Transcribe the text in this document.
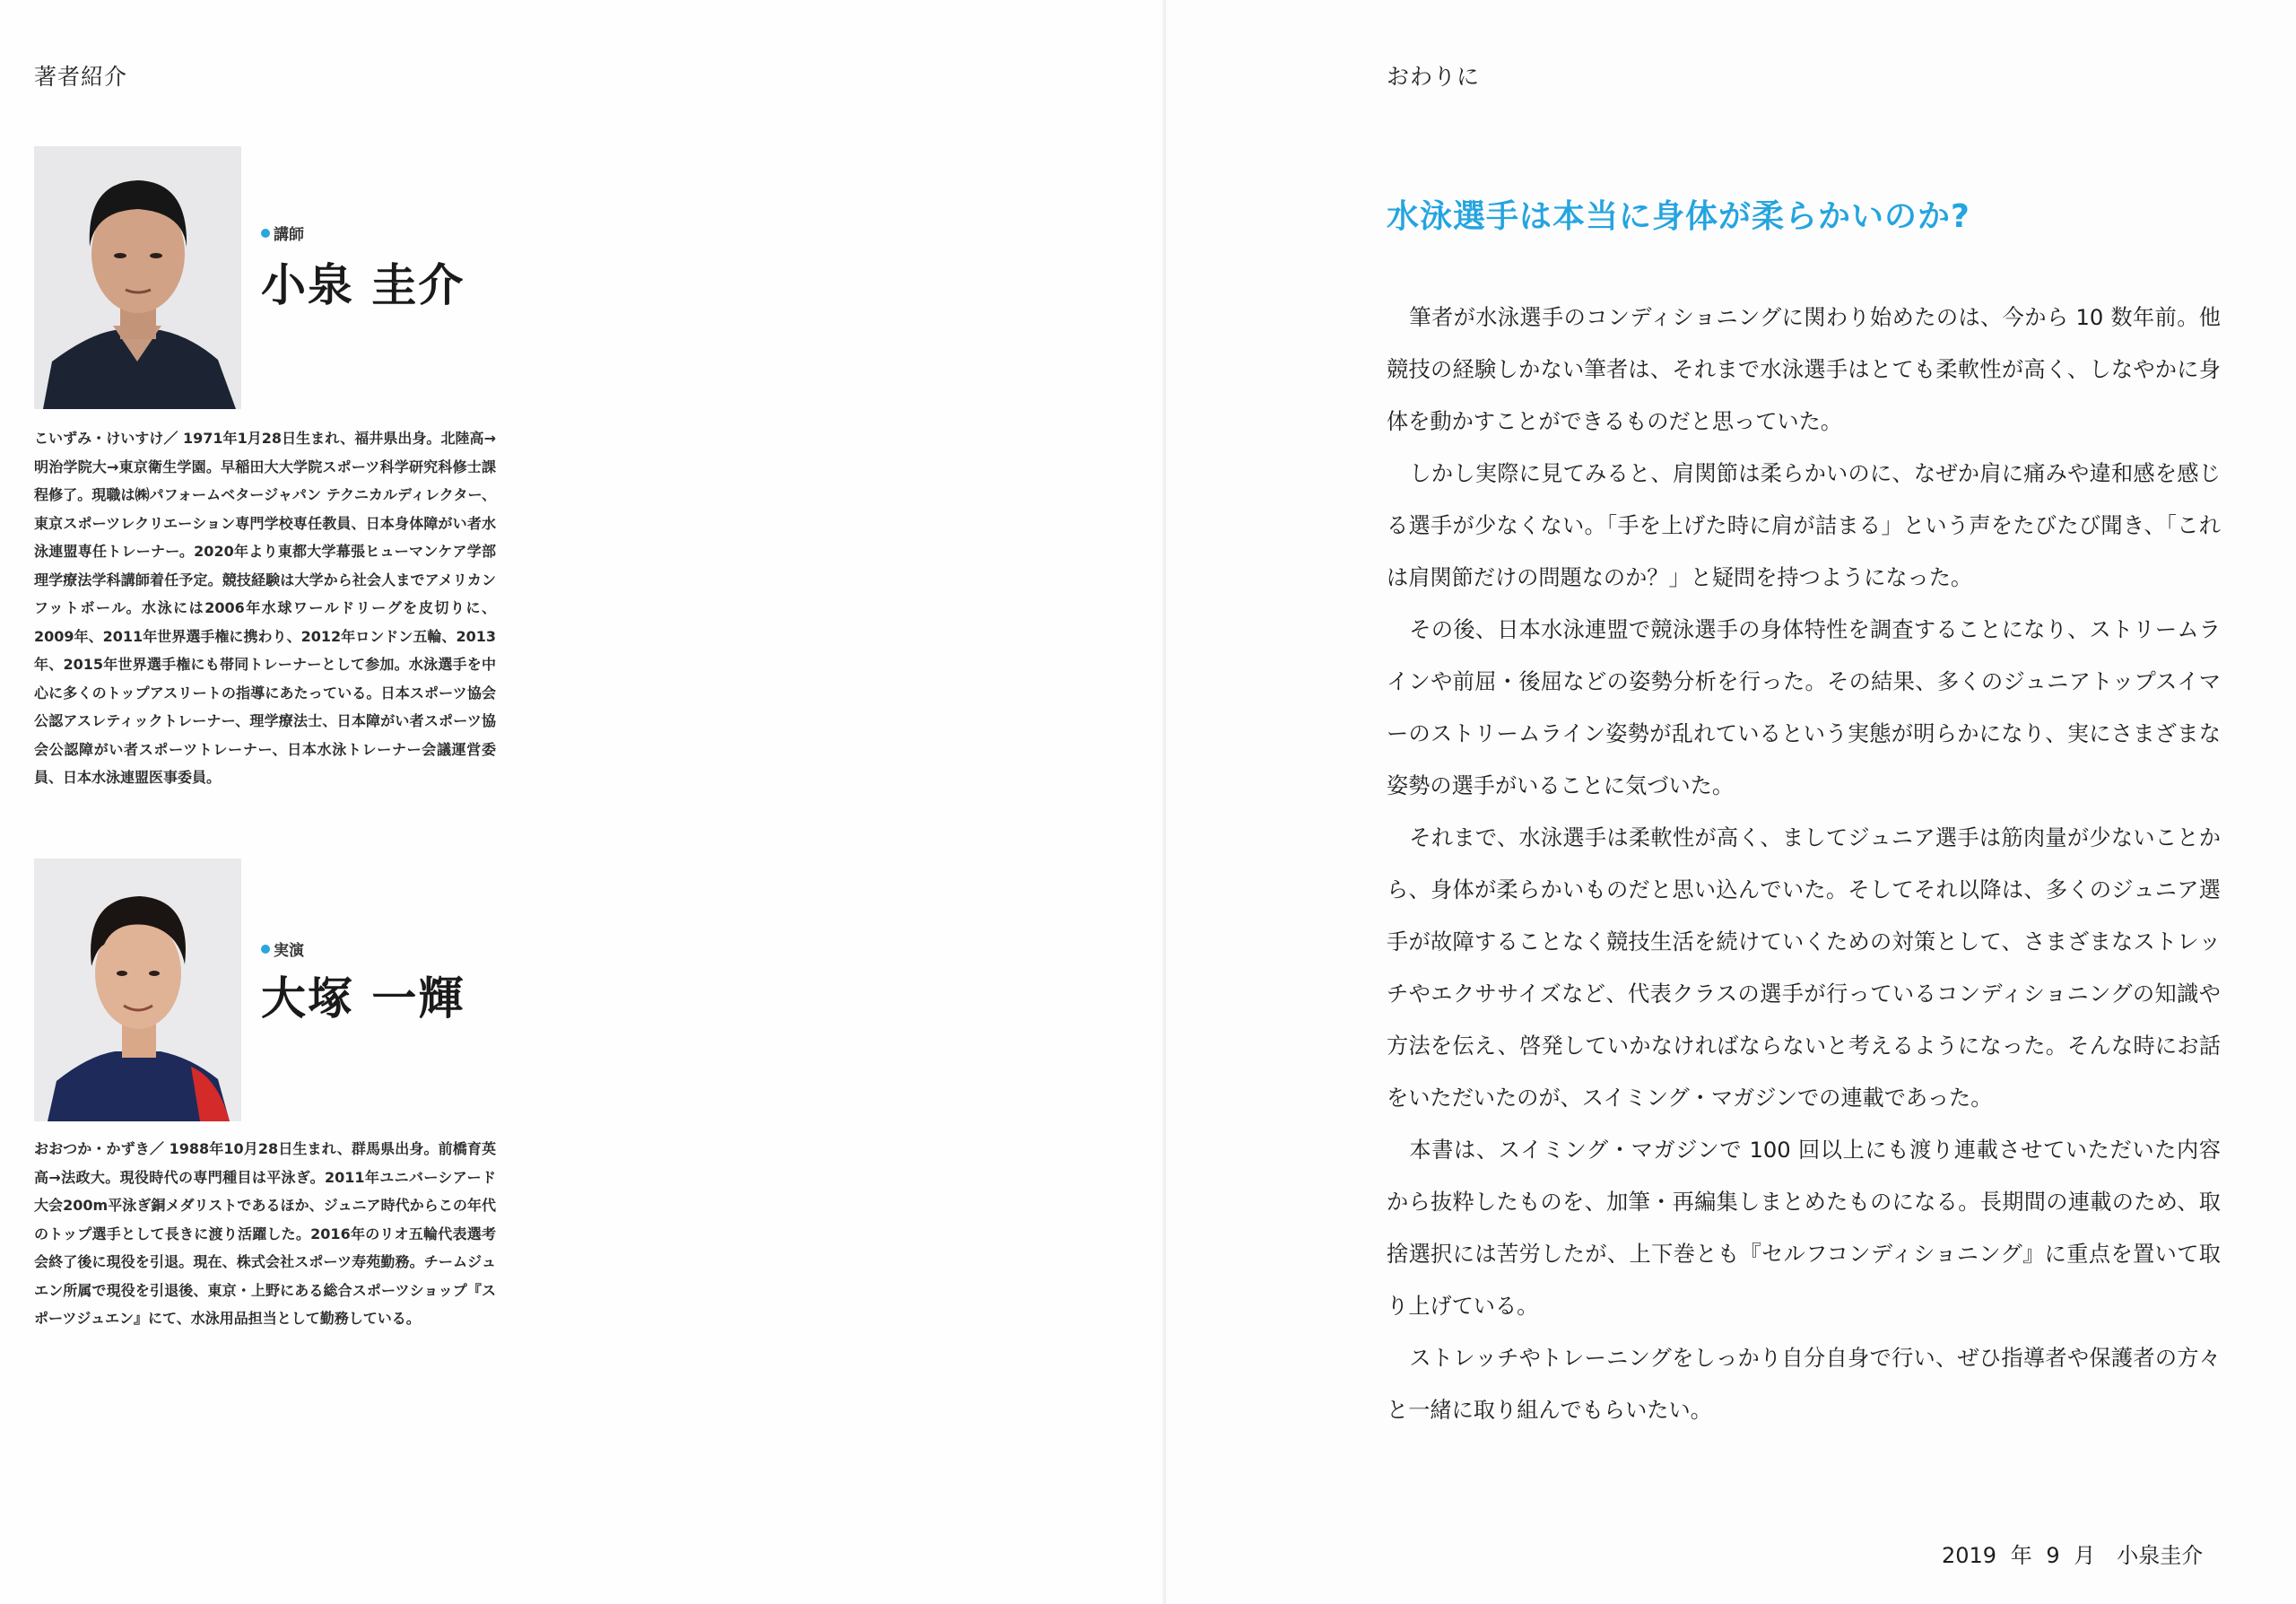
著者紹介
講師
小泉 圭介

こいずみ・けいすけ／ 1971年1月28日生まれ、福井県出身。北陸高→明治学院大→東京衛生学園。早稲田大大学院スポーツ科学研究科修士課程修了。現職は㈱パフォームベタージャパン テクニカルディレクター、東京スポーツレクリエーション専門学校専任教員、日本身体障がい者水泳連盟専任トレーナー。2020年より東都大学幕張ヒューマンケア学部理学療法学科講師着任予定。競技経験は大学から社会人までアメリカンフットボール。水泳には2006年水球ワールドリーグを皮切りに、2009年、2011年世界選手権に携わり、2012年ロンドン五輪、2013年、2015年世界選手権にも帯同トレーナーとして参加。水泳選手を中心に多くのトップアスリートの指導にあたっている。日本スポーツ協会公認アスレティックトレーナー、理学療法士、日本障がい者スポーツ協会公認障がい者スポーツトレーナー、日本水泳トレーナー会議運営委員、日本水泳連盟医事委員。

実演
大塚 一輝

おおつか・かずき／ 1988年10月28日生まれ、群馬県出身。前橋育英高→法政大。現役時代の専門種目は平泳ぎ。2011年ユニバーシアード大会200m平泳ぎ銅メダリストであるほか、ジュニア時代からこの年代のトップ選手として長きに渡り活躍した。2016年のリオ五輪代表選考会終了後に現役を引退。現在、株式会社スポーツ寿苑勤務。チームジュエン所属で現役を引退後、東京・上野にある総合スポーツショップ『スポーツジュエン』にて、水泳用品担当として勤務している。

おわりに
水泳選手は本当に身体が柔らかいのか?

筆者が水泳選手のコンディショニングに関わり始めたのは、今から 10 数年前。他競技の経験しかない筆者は、それまで水泳選手はとても柔軟性が高く、しなやかに身体を動かすことができるものだと思っていた。

しかし実際に見てみると、肩関節は柔らかいのに、なぜか肩に痛みや違和感を感じる選手が少なくない。「手を上げた時に肩が詰まる」という声をたびたび聞き、「これは肩関節だけの問題なのか？」と疑問を持つようになった。

その後、日本水泳連盟で競泳選手の身体特性を調査することになり、ストリームラインや前屈・後屈などの姿勢分析を行った。その結果、多くのジュニアトップスイマーのストリームライン姿勢が乱れているという実態が明らかになり、実にさまざまな姿勢の選手がいることに気づいた。

それまで、水泳選手は柔軟性が高く、ましてジュニア選手は筋肉量が少ないことから、身体が柔らかいものだと思い込んでいた。そしてそれ以降は、多くのジュニア選手が故障することなく競技生活を続けていくための対策として、さまざまなストレッチやエクササイズなど、代表クラスの選手が行っているコンディショニングの知識や方法を伝え、啓発していかなければならないと考えるようになった。そんな時にお話をいただいたのが、スイミング・マガジンでの連載であった。

本書は、スイミング・マガジンで 100 回以上にも渡り連載させていただいた内容から抜粋したものを、加筆・再編集しまとめたものになる。長期間の連載のため、取捨選択には苦労したが、上下巻とも『セルフコンディショニング』に重点を置いて取り上げている。

ストレッチやトレーニングをしっかり自分自身で行い、ぜひ指導者や保護者の方々と一緒に取り組んでもらいたい。

2019 年 9 月　小泉圭介
